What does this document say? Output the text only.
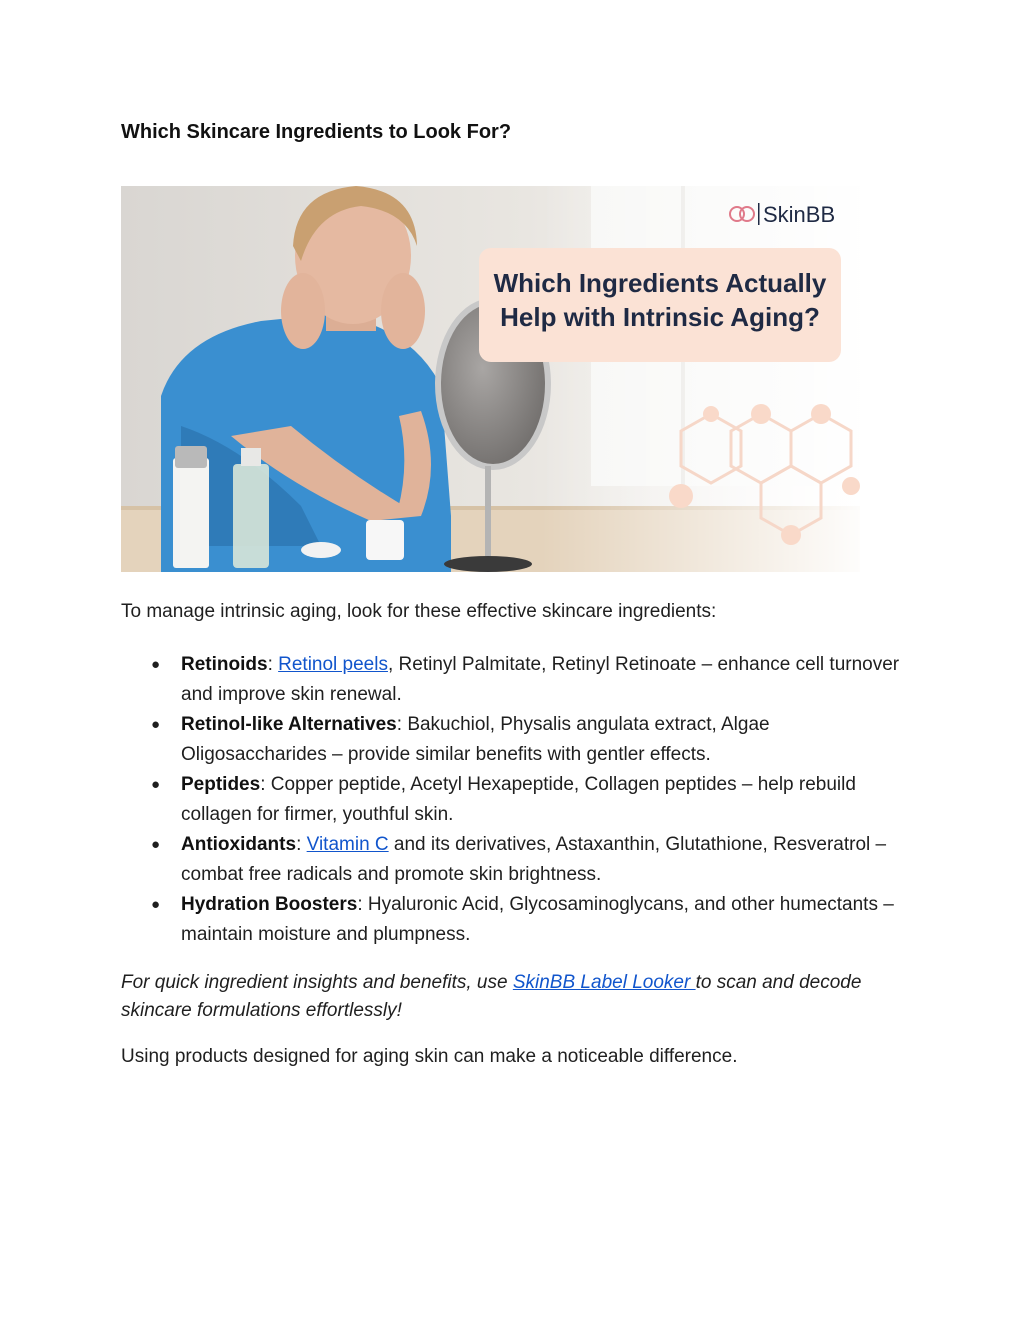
Which Skincare Ingredients to Look For?
SkinBB
Which Ingredients Actually
Help with Intrinsic Aging?

To manage intrinsic aging, look for these effective skincare ingredients:

● Retinoids: Retinol peels, Retinyl Palmitate, Retinyl Retinoate – enhance cell turnover and improve skin renewal.
● Retinol-like Alternatives: Bakuchiol, Physalis angulata extract, Algae Oligosaccharides – provide similar benefits with gentler effects.
● Peptides: Copper peptide, Acetyl Hexapeptide, Collagen peptides – help rebuild collagen for firmer, youthful skin.
● Antioxidants: Vitamin C and its derivatives, Astaxanthin, Glutathione, Resveratrol – combat free radicals and promote skin brightness.
● Hydration Boosters: Hyaluronic Acid, Glycosaminoglycans, and other humectants – maintain moisture and plumpness.

For quick ingredient insights and benefits, use SkinBB Label Looker to scan and decode skincare formulations effortlessly!

Using products designed for aging skin can make a noticeable difference.
